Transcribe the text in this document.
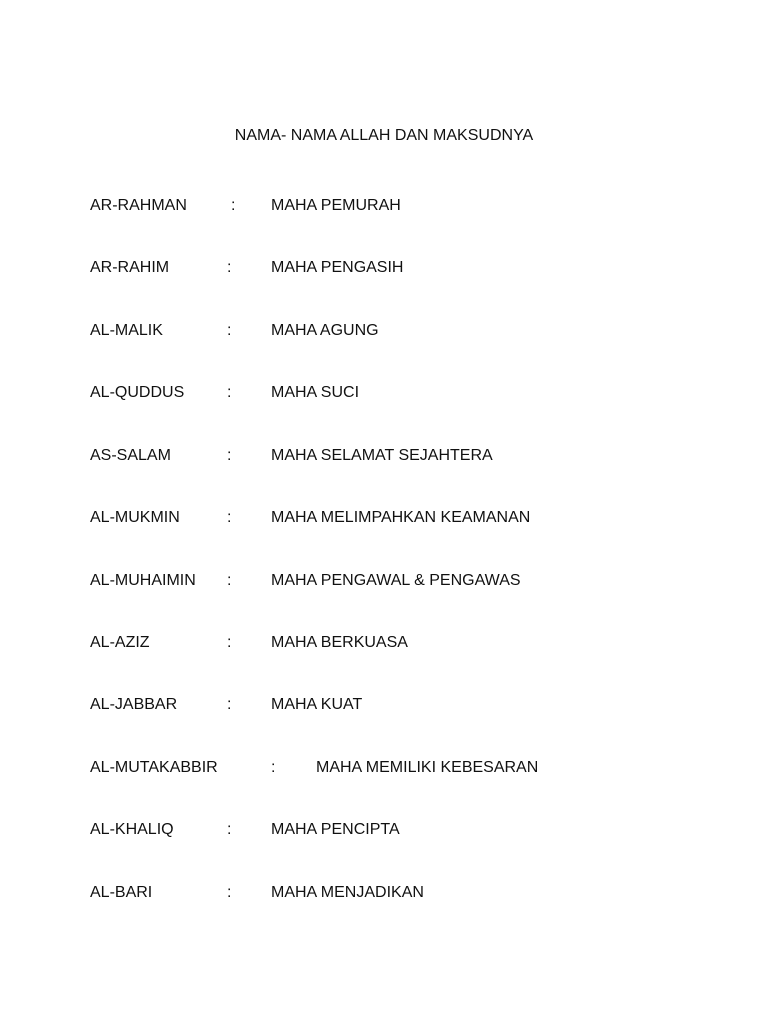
NAMA- NAMA ALLAH DAN MAKSUDNYA
AR-RAHMAN	: MAHA PEMURAH
AR-RAHIM	: MAHA PENGASIH
AL-MALIK	: MAHA AGUNG
AL-QUDDUS	: MAHA SUCI
AS-SALAM	: MAHA SELAMAT SEJAHTERA
AL-MUKMIN	: MAHA MELIMPAHKAN KEAMANAN
AL-MUHAIMIN : MAHA PENGAWAL & PENGAWAS
AL-AZIZ	: MAHA BERKUASA
AL-JABBAR	: MAHA KUAT
AL-MUTAKABBIR	:	MAHA MEMILIKI KEBESARAN
AL-KHALIQ	: MAHA PENCIPTA
AL-BARI	: MAHA MENJADIKAN
